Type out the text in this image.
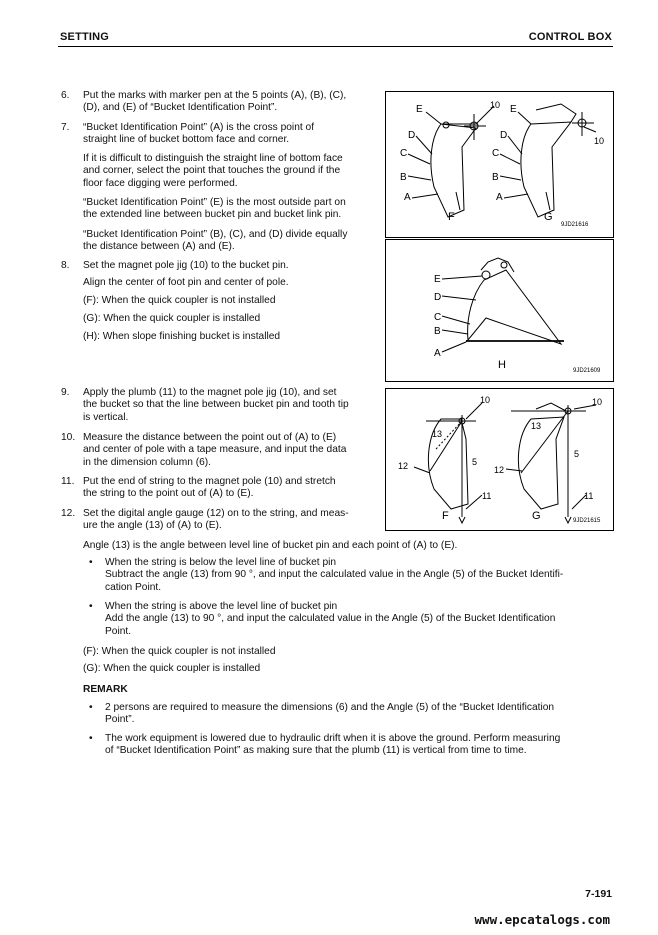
SETTING	CONTROL BOX
6.	Put the marks with marker pen at the 5 points (A), (B), (C),
(D), and (E) of “Bucket Identification Point”.
7.	“Bucket Identification Point” (A) is the cross point of
straight line of bucket bottom face and corner.
If it is difficult to distinguish the straight line of bottom face
and corner, select the point that touches the ground if the
floor face digging were performed.
“Bucket Identification Point” (E) is the most outside part on
the extended line between bucket pin and bucket link pin.
“Bucket Identification Point” (B), (C), and (D) divide equally
the distance between (A) and (E).
8.	Set the magnet pole jig (10) to the bucket pin.
Align the center of foot pin and center of pole.
(F): When the quick coupler is not installed
(G): When the quick coupler is installed
(H): When slope finishing bucket is installed
9.	Apply the plumb (11) to the magnet pole jig (10), and set
the bucket so that the line between bucket pin and tooth tip
is vertical.
10. Measure the distance between the point out of (A) to (E)
and center of pole with a tape measure, and input the data
in the dimension column (6).
11. Put the end of string to the magnet pole (10) and stretch
the string to the point out of (A) to (E).
12. Set the digital angle gauge (12) on to the string, and meas-
ure the angle (13) of (A) to (E).
Angle (13) is the angle between level line of bucket pin and each point of (A) to (E).
• When the string is below the level line of bucket pin
Subtract the angle (13) from 90 °, and input the calculated value in the Angle (5) of the Bucket Identifi-
cation Point.
• When the string is above the level line of bucket pin
Add the angle (13) to 90 °, and input the calculated value in the Angle (5) of the Bucket Identification
Point.
(F): When the quick coupler is not installed
(G): When the quick coupler is installed
REMARK
• 2 persons are required to measure the dimensions (6) and the Angle (5) of the “Bucket Identification
Point”.
• The work equipment is lowered due to hydraulic drift when it is above the ground. Perform measuring
of “Bucket Identification Point” as making sure that the plumb (11) is vertical from time to time.
E
D
C
B
A
10 E
D
C
B
A
10
F	G
9JD21616
E
D
C
B
A
H	9JD21609
10	10
13
13
12	12
5
5
11	11
F	G	9JD21615
7-191
www.epcatalogs.com
